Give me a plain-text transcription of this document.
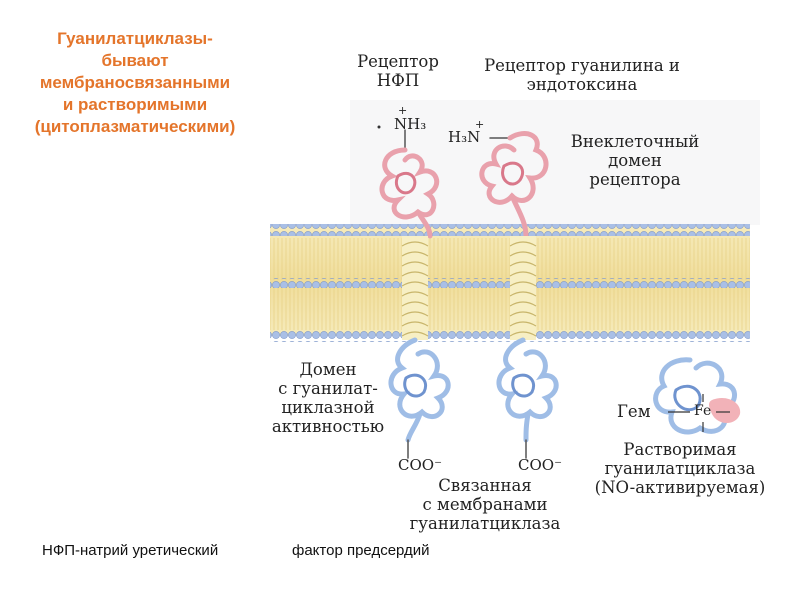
Гуанилатциклазы-
бывают
мембраносвязанными
и растворимыми
(цитоплазматическими)
Рецептор
НФП
Рецептор гуанилина и
эндотоксина
+
NH₃	+
H₃N	Внеклеточный
домен
рецептора
Домен
с гуанилат-
циклазной
активностью
COO⁻	COO⁻
Связанная
с мембранами
гуанилатциклаза
Гем	Fe
Растворимая
гуанилатциклаза
(NO-активируемая)
НФП-натрий уретический	фактор предсердий
